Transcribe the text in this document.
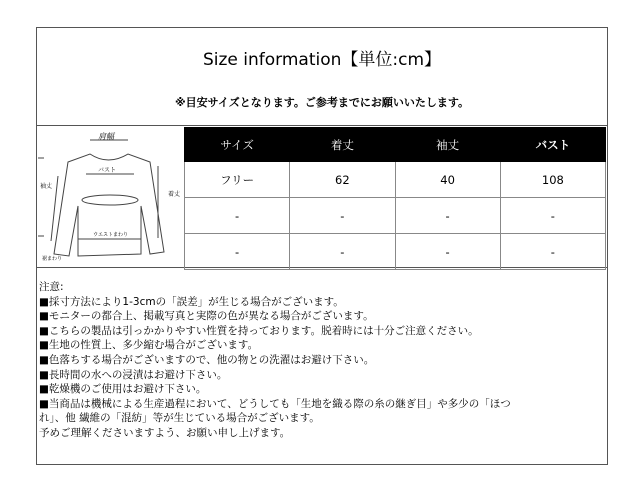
Size information【単位:cm】
※目安サイズとなります。ご参考までにお願いいたします。
肩幅
バスト
袖丈
着丈
ウエストまわり
裾まわり
サイズ	着丈	袖丈	バスト
フリー	62	40	108
-	-	-	-
-	-	-	-
注意:
■採寸方法により1-3cmの「誤差」が生じる場合がございます。
■モニターの都合上、掲載写真と実際の色が異なる場合がございます。
■こちらの製品は引っかかりやすい性質を持っております。脱着時には十分ご注意ください。
■生地の性質上、多少縮む場合がございます。
■色落ちする場合がございますので、他の物との洗濯はお避け下さい。
■長時間の水への浸漬はお避け下さい。
■乾燥機のご使用はお避け下さい。
■当商品は機械による生産過程において、どうしても「生地を織る際の糸の継ぎ目」や多少の「ほつ
れ」、他 繊維の「混紡」等が生じている場合がございます。
予めご理解くださいますよう、お願い申し上げます。
